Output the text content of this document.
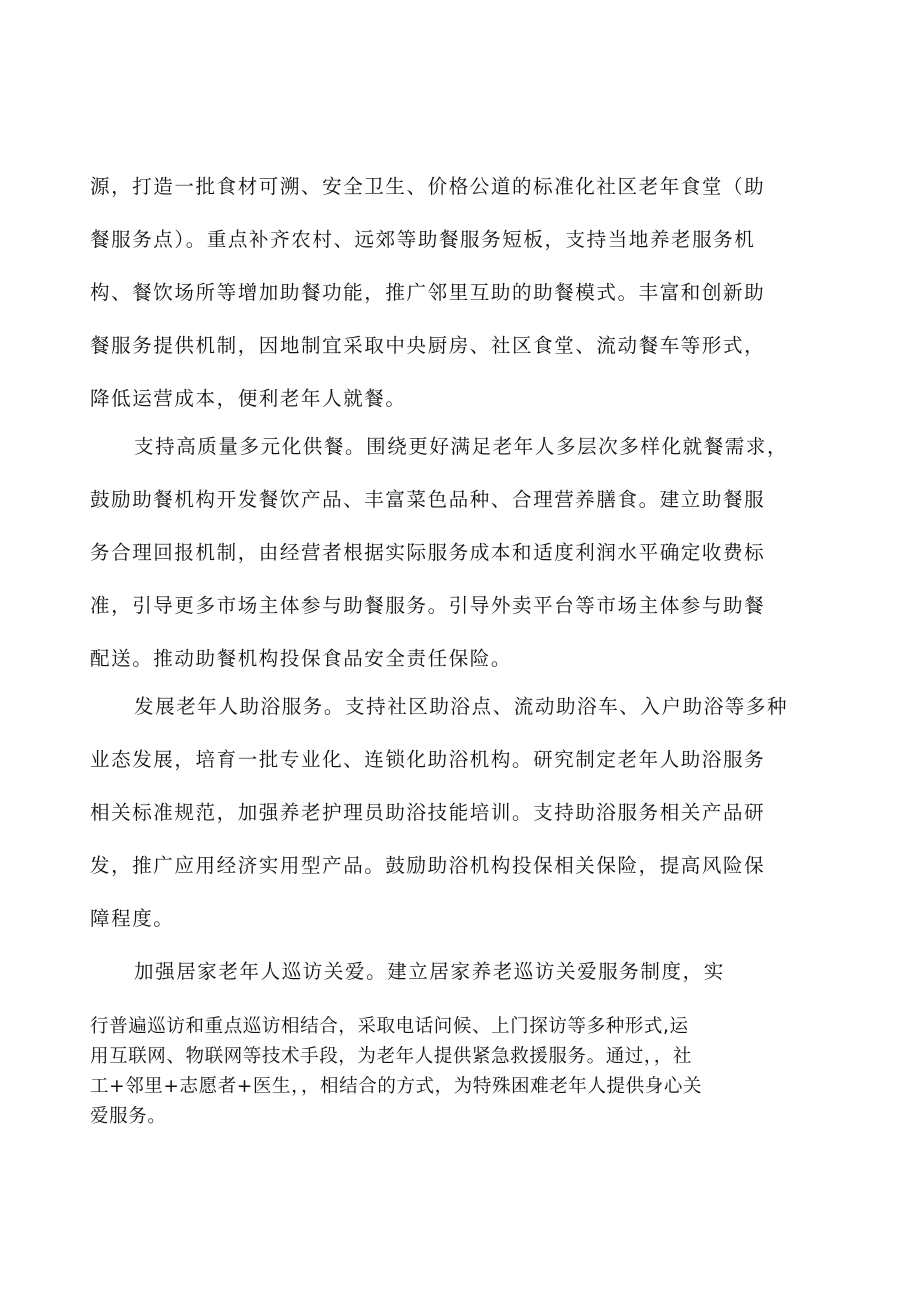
源，打造一批食材可溯、安全卫生、价格公道的标准化社区老年食堂（助
餐服务点）。重点补齐农村、远郊等助餐服务短板，支持当地养老服务机
构、餐饮场所等增加助餐功能，推广邻里互助的助餐模式。丰富和创新助
餐服务提供机制，因地制宜采取中央厨房、社区食堂、流动餐车等形式，
降低运营成本，便利老年人就餐。
支持高质量多元化供餐。围绕更好满足老年人多层次多样化就餐需求，
鼓励助餐机构开发餐饮产品、丰富菜色品种、合理营养膳食。建立助餐服
务合理回报机制，由经营者根据实际服务成本和适度利润水平确定收费标
准，引导更多市场主体参与助餐服务。引导外卖平台等市场主体参与助餐
配送。推动助餐机构投保食品安全责任保险。
发展老年人助浴服务。支持社区助浴点、流动助浴车、入户助浴等多种
业态发展，培育一批专业化、连锁化助浴机构。研究制定老年人助浴服务
相关标准规范，加强养老护理员助浴技能培训。支持助浴服务相关产品研
发，推广应用经济实用型产品。鼓励助浴机构投保相关保险，提高风险保
障程度。
加强居家老年人巡访关爱。建立居家养老巡访关爱服务制度，实
行普遍巡访和重点巡访相结合，采取电话问候、上门探访等多种形式,运
用互联网、物联网等技术手段，为老年人提供紧急救援服务。通过，，社
工+邻里+志愿者+医生，，相结合的方式，为特殊困难老年人提供身心关
爱服务。
